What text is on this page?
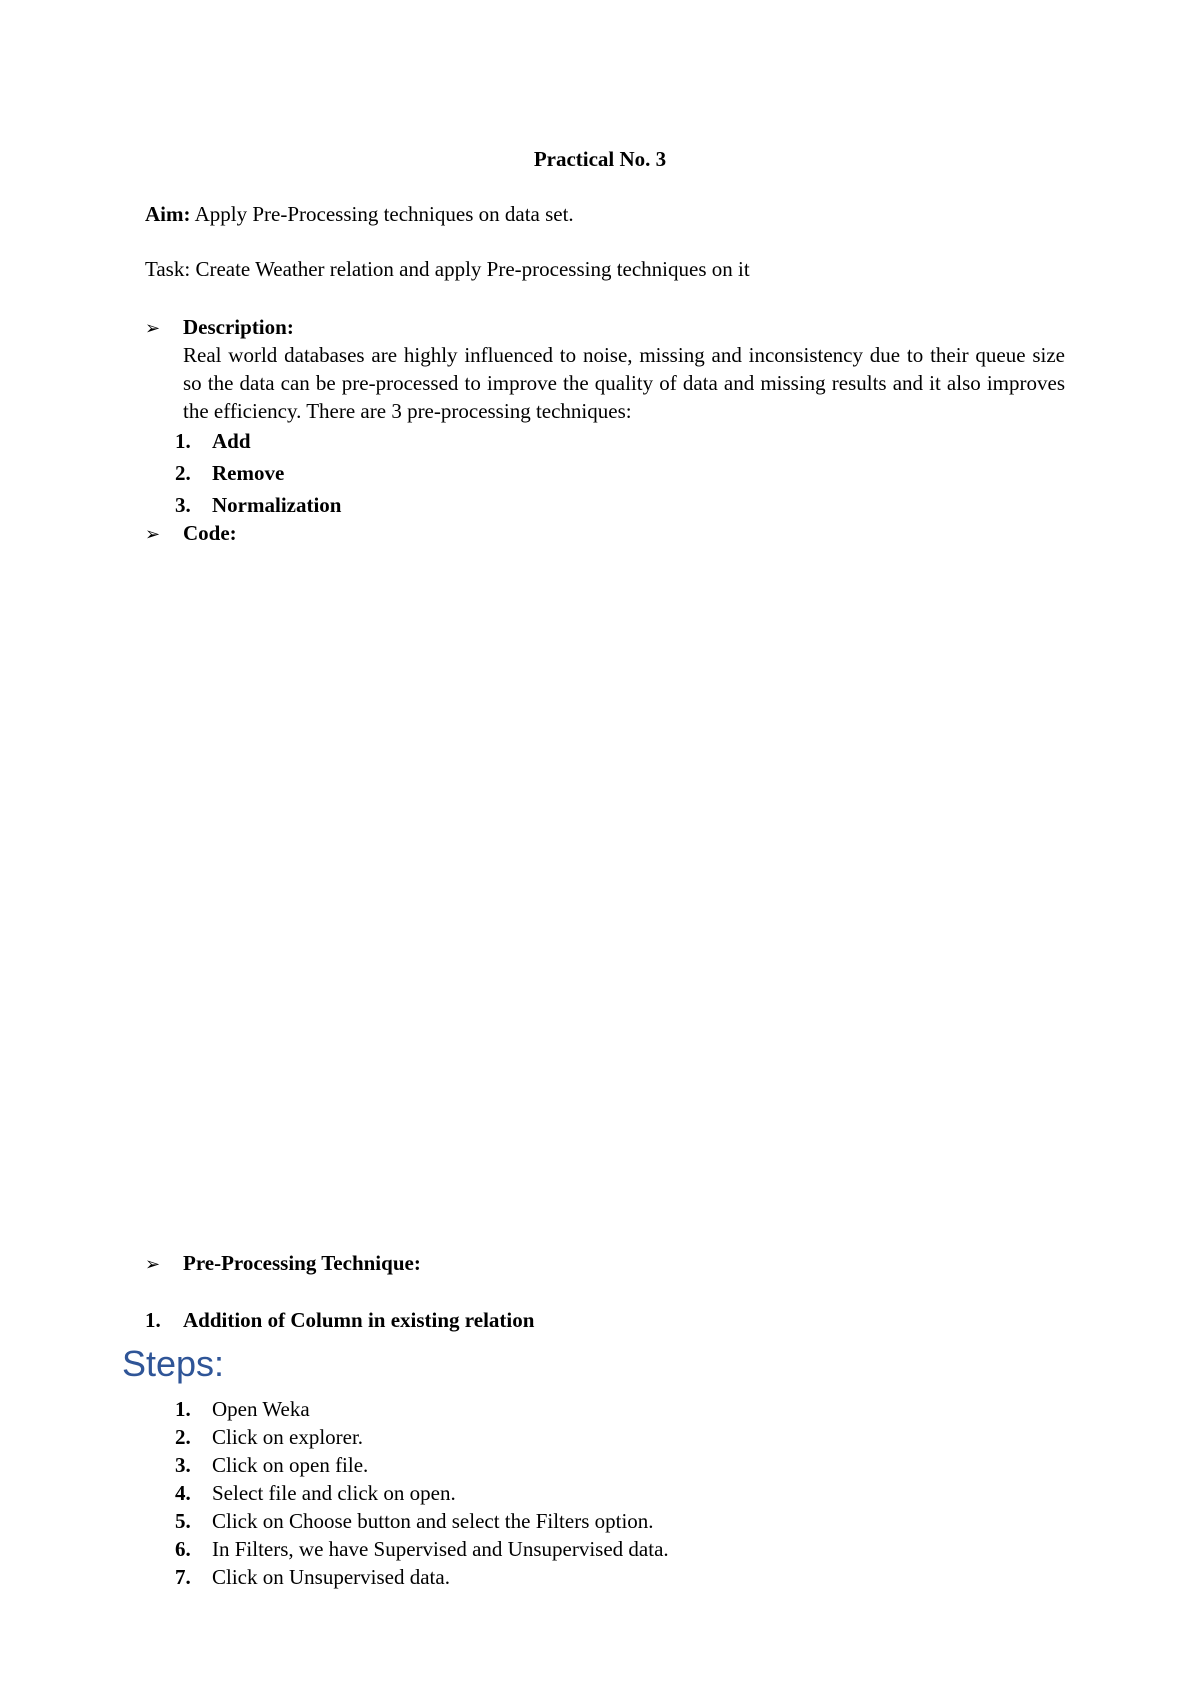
Practical No. 3
Aim: Apply Pre-Processing techniques on data set.
Task: Create Weather relation and apply Pre-processing techniques on it
➢ Description:
Real world databases are highly influenced to noise, missing and inconsistency due to their queue size so the data can be pre-processed to improve the quality of data and missing results and it also improves the efficiency. There are 3 pre-processing techniques:
1. Add
2. Remove
3. Normalization
➢ Code:
➢ Pre-Processing Technique:
1. Addition of Column in existing relation
Steps:
1. Open Weka
2. Click on explorer.
3. Click on open file.
4. Select file and click on open.
5. Click on Choose button and select the Filters option.
6. In Filters, we have Supervised and Unsupervised data.
7. Click on Unsupervised data.
